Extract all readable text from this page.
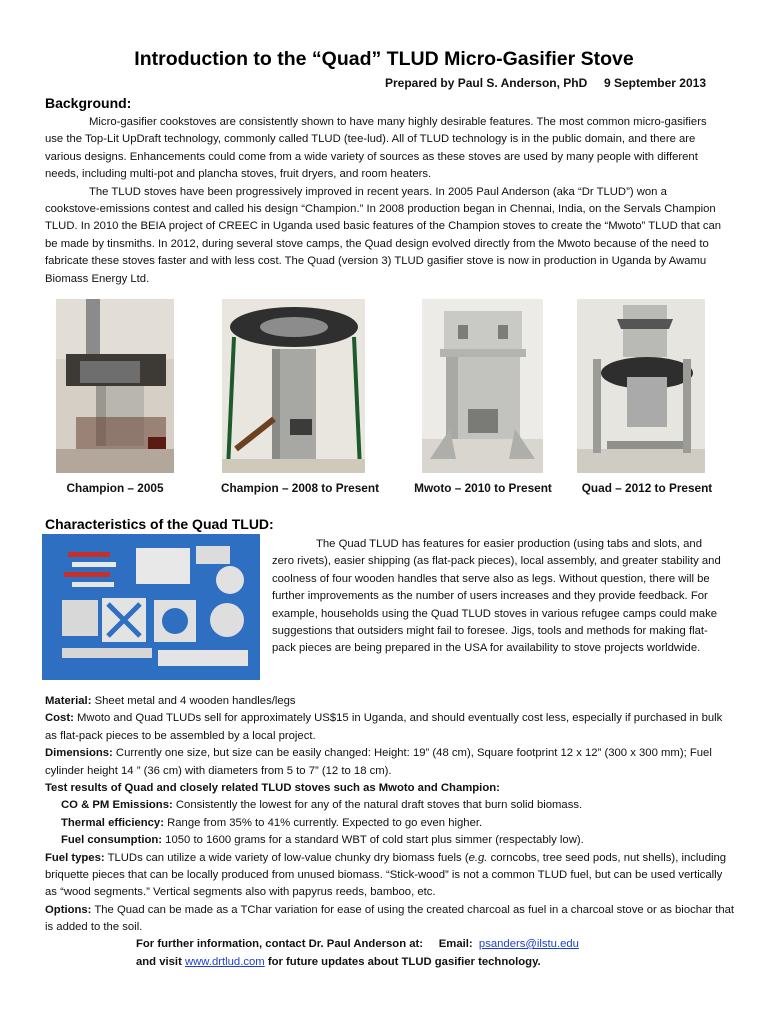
Introduction to the “Quad” TLUD Micro-Gasifier Stove
Prepared by Paul S. Anderson, PhD     9 September 2013
Background:

Micro-gasifier cookstoves are consistently shown to have many highly desirable features. The most common micro-gasifiers use the Top-Lit UpDraft technology, commonly called TLUD (tee-lud). All of TLUD technology is in the public domain, and there are various designs. Enhancements could come from a wide variety of sources as these stoves are used by many people with different needs, including multi-pot and plancha stoves, fruit dryers, and room heaters.

The TLUD stoves have been progressively improved in recent years. In 2005 Paul Anderson (aka “Dr TLUD”) won a cookstove-emissions contest and called his design “Champion.” In 2008 production began in Chennai, India, on the Servals Champion TLUD. In 2010 the BEIA project of CREEC in Uganda used basic features of the Champion stoves to create the “Mwoto” TLUD that can be made by tinsmiths. In 2012, during several stove camps, the Quad design evolved directly from the Mwoto because of the need to fabricate these stoves faster and with less cost. The Quad (version 3) TLUD gasifier stove is now in production in Uganda by Awamu Biomass Energy Ltd.

Champion – 2005	Champion – 2008 to Present	Mwoto – 2010 to Present	Quad – 2012 to Present
Characteristics of the Quad TLUD:

The Quad TLUD has features for easier production (using tabs and slots, and zero rivets), easier shipping (as flat-pack pieces), local assembly, and greater stability and coolness of four wooden handles that serve also as legs. Without question, there will be further improvements as the number of users increases and they provide feedback. For example, households using the Quad TLUD stoves in various refugee camps could make suggestions that outsiders might fail to foresee. Jigs, tools and methods for making flat-pack pieces are being prepared in the USA for availability to stove projects worldwide.

Material: Sheet metal and 4 wooden handles/legs

Cost: Mwoto and Quad TLUDs sell for approximately US$15 in Uganda, and should eventually cost less, especially if purchased in bulk as flat-pack pieces to be assembled by a local project.

Dimensions: Currently one size, but size can be easily changed: Height: 19” (48 cm), Square footprint 12 x 12” (300 x 300 mm); Fuel cylinder height 14 ” (36 cm) with diameters from 5 to 7” (12 to 18 cm).

Test results of Quad and closely related TLUD stoves such as Mwoto and Champion:

CO & PM Emissions: Consistently the lowest for any of the natural draft stoves that burn solid biomass.

Thermal efficiency: Range from 35% to 41% currently. Expected to go even higher.

Fuel consumption: 1050 to 1600 grams for a standard WBT of cold start plus simmer (respectably low).

Fuel types: TLUDs can utilize a wide variety of low-value chunky dry biomass fuels (e.g. corncobs, tree seed pods, nut shells), including briquette pieces that can be locally produced from unused biomass. “Stick-wood” is not a common TLUD fuel, but can be used vertically as “wood segments.” Vertical segments also with papyrus reeds, bamboo, etc.

Options: The Quad can be made as a TChar variation for ease of using the created charcoal as fuel in a charcoal stove or as biochar that is added to the soil.

For further information, contact Dr. Paul Anderson at:     Email:  psanders@ilstu.edu
and visit www.drtlud.com for future updates about TLUD gasifier technology.
